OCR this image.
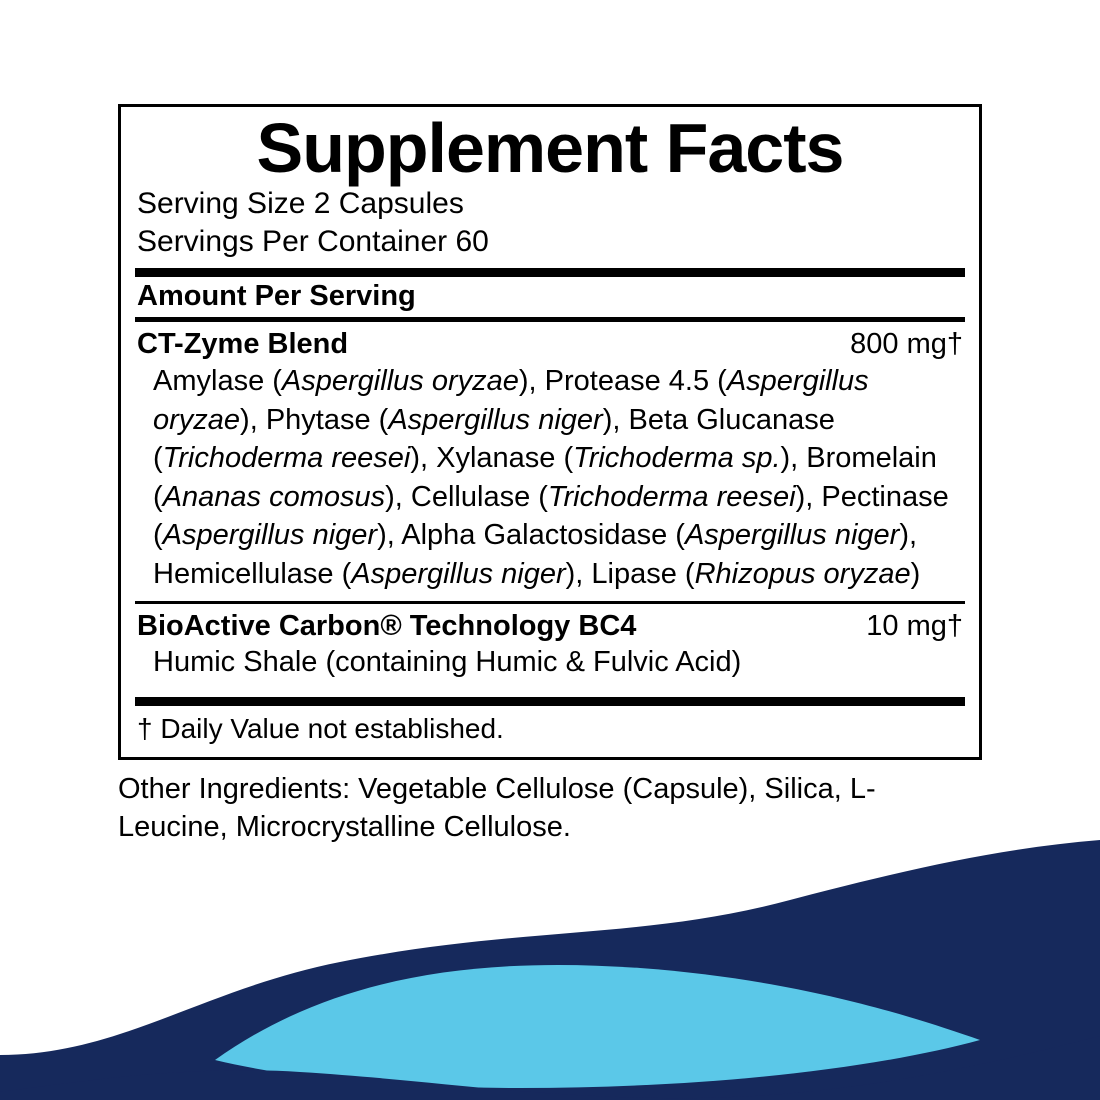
Supplement Facts
Serving Size 2 Capsules
Servings Per Container 60
Amount Per Serving
CT-Zyme Blend	800 mg†
Amylase (Aspergillus oryzae), Protease 4.5 (Aspergillus oryzae), Phytase (Aspergillus niger), Beta Glucanase (Trichoderma reesei), Xylanase (Trichoderma sp.), Bromelain (Ananas comosus), Cellulase (Trichoderma reesei), Pectinase (Aspergillus niger), Alpha Galactosidase (Aspergillus niger), Hemicellulase (Aspergillus niger), Lipase (Rhizopus oryzae)
BioActive Carbon® Technology BC4	10 mg†
Humic Shale (containing Humic & Fulvic Acid)
† Daily Value not established.
Other Ingredients: Vegetable Cellulose (Capsule), Silica, L-Leucine, Microcrystalline Cellulose.
